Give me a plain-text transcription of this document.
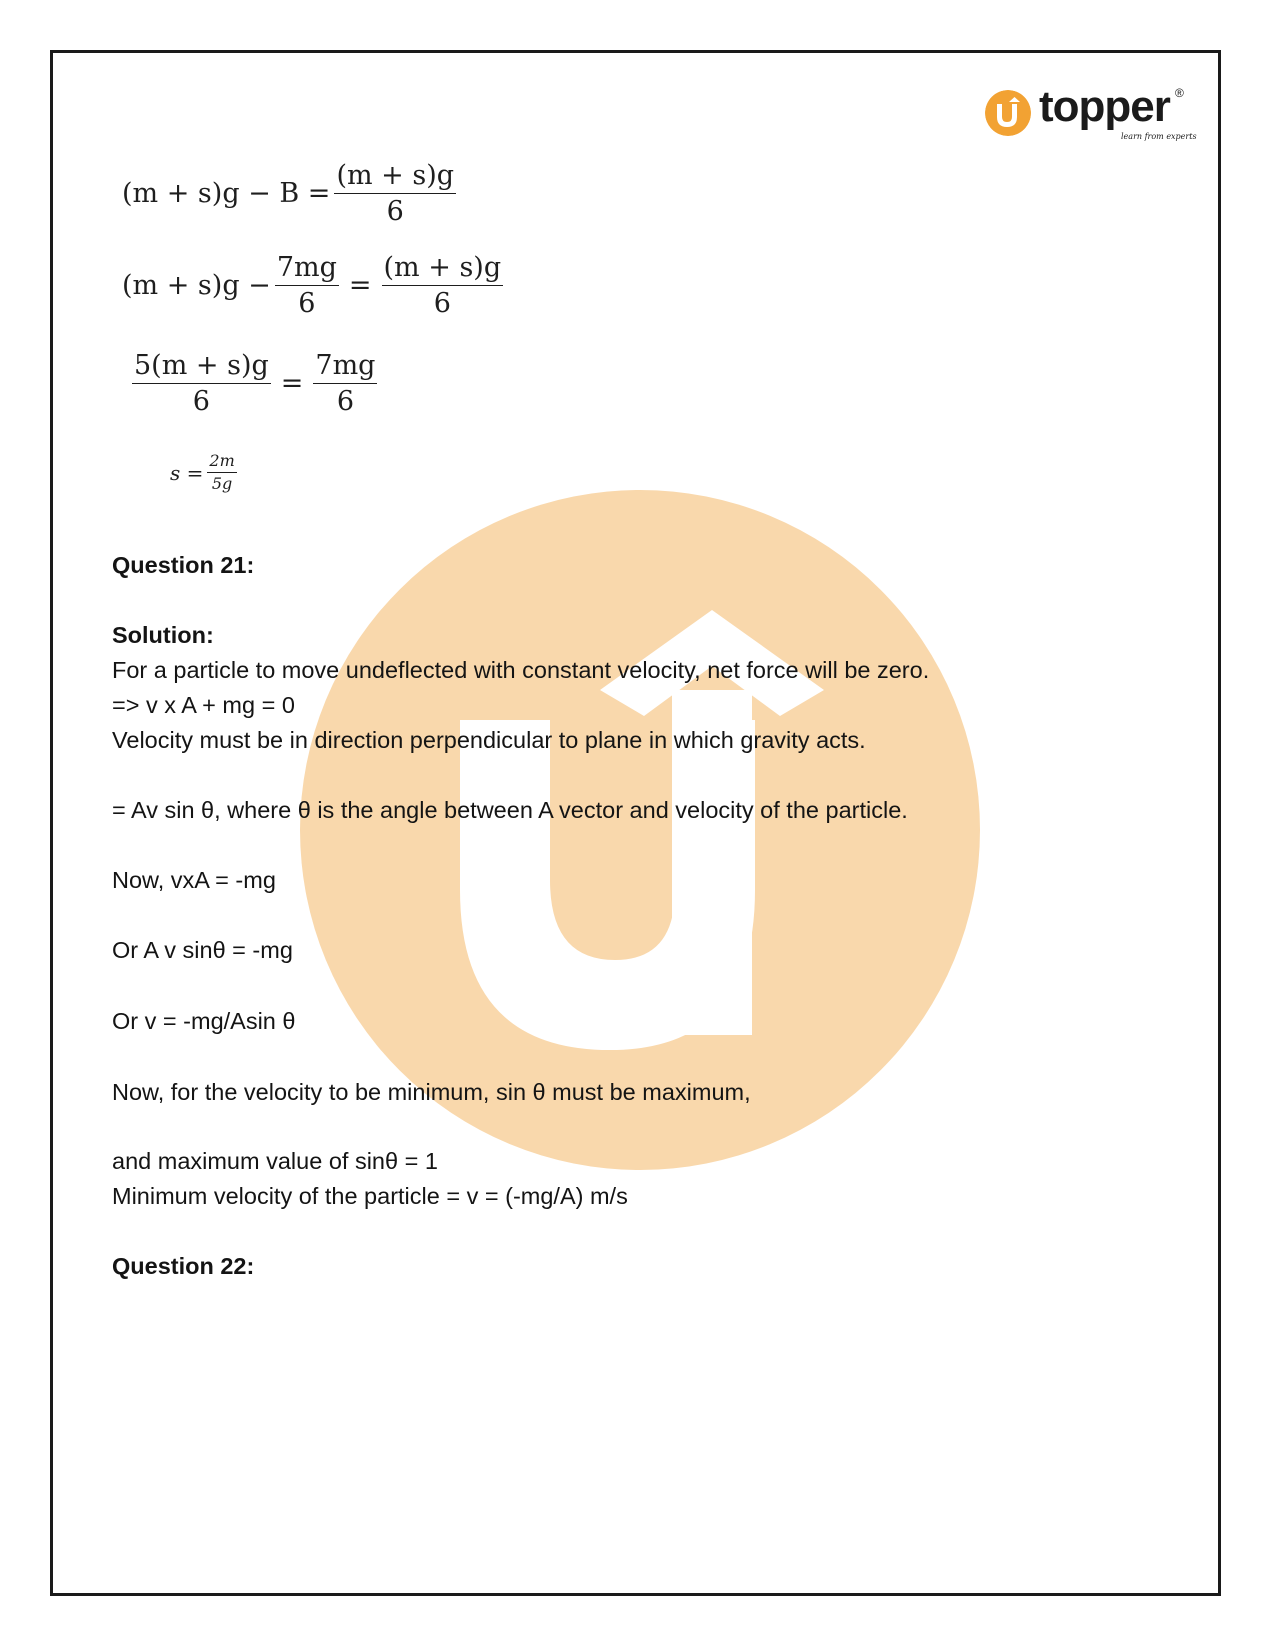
topper ®
learn from experts
$(m + s)g - B = \frac{(m + s)g}{6}$
$(m + s)g - \frac{7mg}{6} = \frac{(m + s)g}{6}$
$\frac{5(m + s)g}{6} = \frac{7mg}{6}$
$s = \frac{2m}{5g}$
Question 21:
Solution:
For a particle to move undeflected with constant velocity, net force will be zero.
=> v x A + mg = 0
Velocity must be in direction perpendicular to plane in which gravity acts.
= Av sin θ, where θ is the angle between A vector and velocity of the particle.
Now, vxA = -mg
Or A v sinθ = -mg
Or v = -mg/Asin θ
Now, for the velocity to be minimum, sin θ must be maximum,
and maximum value of sinθ = 1
Minimum velocity of the particle = v = (-mg/A) m/s
Question 22:
